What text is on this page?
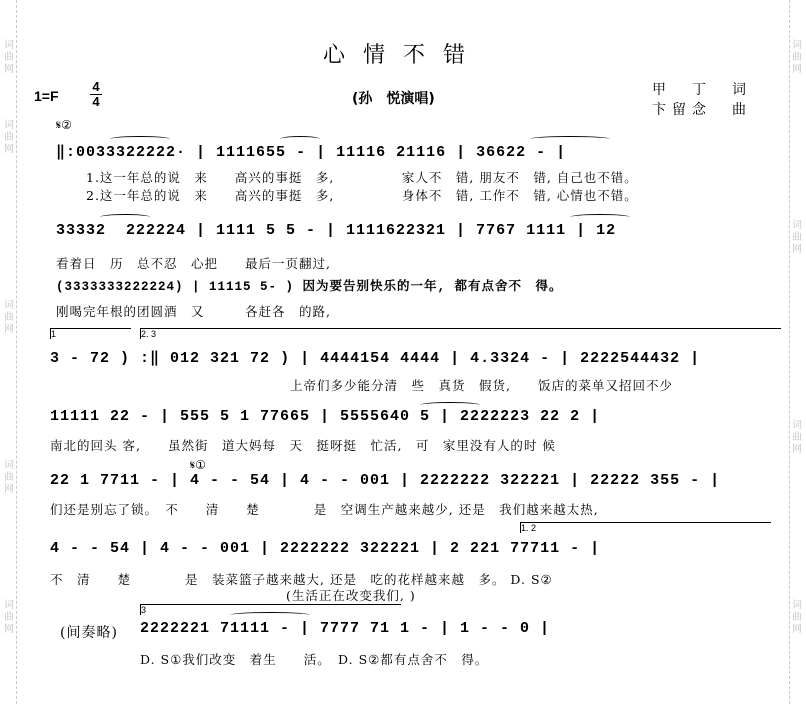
词
曲
网
词
曲
网
词
曲
网
词
曲
网
词
曲
网
词
曲
网
词
曲
网
词
曲
网
词
曲
网
心情不错
1=F
4
4	(孙　悦演唱)
甲　丁　词
卞留念　曲
𝄋②
‖:0033322222· | 1111655 - | 11116 21116 | 36622 - |
1.这一年总的说　来　　高兴的事挺　多,　　　　　家人不　错, 朋友不　错, 自己也不错。
2.这一年总的说　来　　高兴的事挺　多,　　　　　身体不　错, 工作不　错, 心情也不错。
33332  222224 | 1111 5 5 - | 1111622321 | 7767 1111 | 12
看着日　历　总不忍　心把　　最后一页翻过,
(3333333222224) | 11115 5- ) 因为要告别快乐的一年, 都有点舍不　得。
刚喝完年根的团圆酒　又　　　各赶各　的路,
1	2. 3
3 - 72 ) :‖ 012 321 72 ) | 4444154 4444 | 4.3324 - | 2222544432 |
上帝们多少能分清　些　真货　假货,　　饭店的菜单又招回不少
11111 22 - | 555 5 1 77665 | 5555640 5 | 2222223 22 2 |
南北的回头 客,　　虽然街　道大妈每　天　挺呀挺　忙活,　可　家里没有人的时 候
𝄋①
22 1 7711 - | 4 - - 54 | 4 - - 001 | 2222222 322221 | 22222 355 - |
们还是别忘了锁。　不　　清　　楚　　　　是　空调生产越来越少, 还是　我们越来越太热,
1. 2
4 - - 54 | 4 - - 001 | 2222222 322221 | 2 221 77711 - |
不　清　　楚　　　　是　装菜篮子越来越大, 还是　吃的花样越来越　多。 D. S②
(生活正在改变我们, )
3
(间奏略) 2222221 71111 - | 7777 71 1 - | 1 - - 0 |
D. S①我们改变　着生　　活。　D. S②都有点舍不　得。
